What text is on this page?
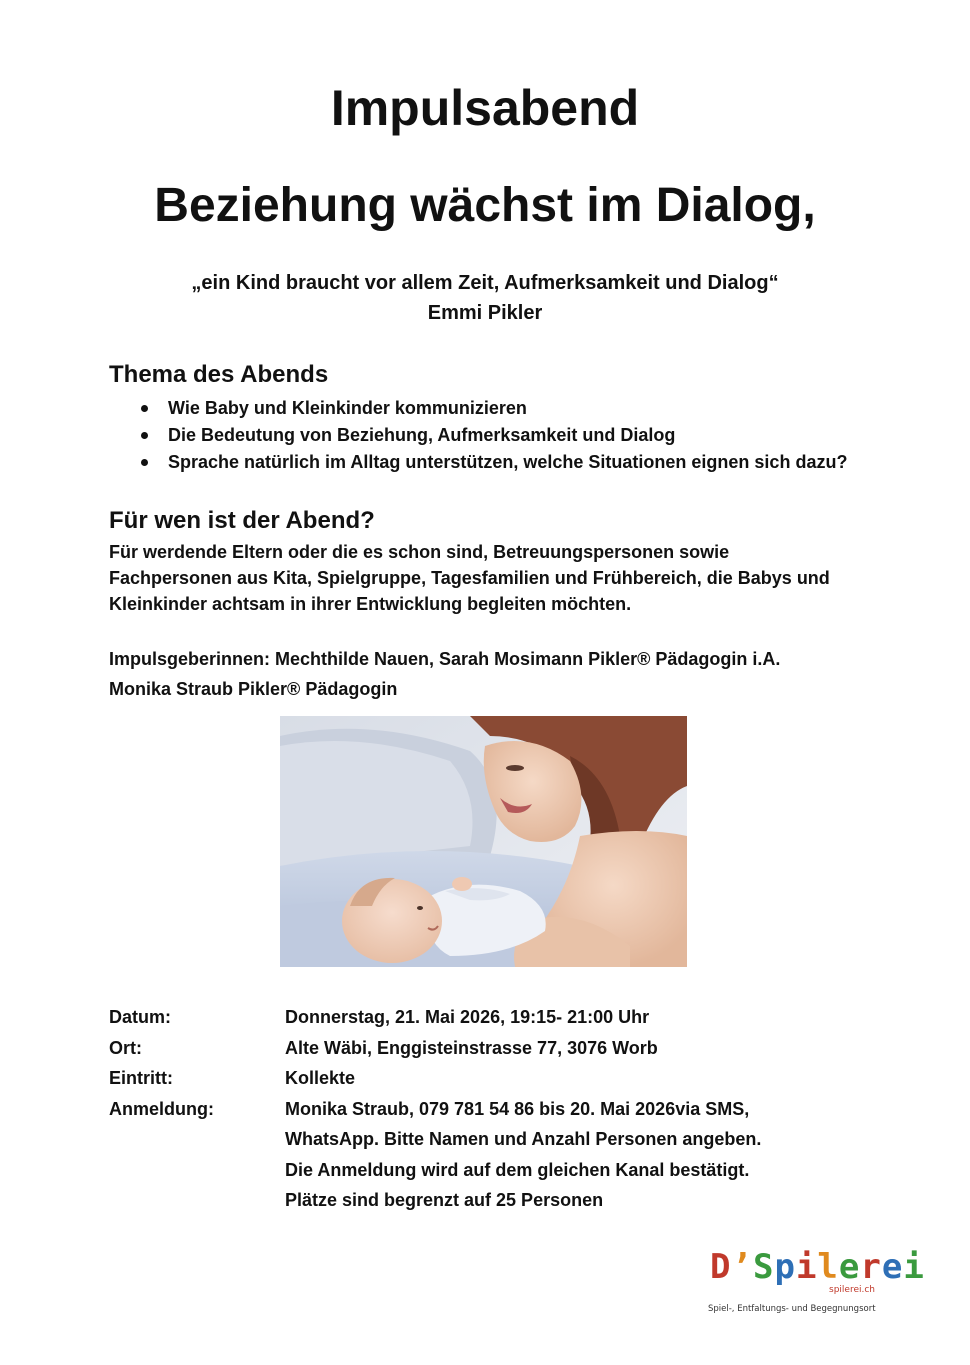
Impulsabend
Beziehung wächst im Dialog,
„ein Kind braucht vor allem Zeit, Aufmerksamkeit und Dialog“
Emmi Pikler
Thema des Abends
Wie Baby und Kleinkinder kommunizieren
Die Bedeutung von Beziehung, Aufmerksamkeit und Dialog
Sprache natürlich im Alltag unterstützen, welche Situationen eignen sich dazu?
Für wen ist der Abend?

Für werdende Eltern oder die es schon sind, Betreuungspersonen sowie Fachpersonen aus Kita, Spielgruppe, Tagesfamilien und Frühbereich, die Babys und Kleinkinder achtsam in ihrer Entwicklung begleiten möchten.

Impulsgeberinnen: Mechthilde Nauen, Sarah Mosimann Pikler® Pädagogin i.A.
Monika Straub Pikler® Pädagogin
Datum:	Donnerstag, 21. Mai 2026, 19:15- 21:00 Uhr
Ort:	Alte Wäbi, Enggisteinstrasse 77, 3076 Worb
Eintritt:	Kollekte
Anmeldung:	Monika Straub, 079 781 54 86 bis 20. Mai 2026via SMS,
WhatsApp. Bitte Namen und Anzahl Personen angeben.
Die Anmeldung wird auf dem gleichen Kanal bestätigt.
Plätze sind begrenzt auf 25 Personen
D’Spilerei
spilerei.ch
Spiel-, Entfaltungs- und Begegnungsort
